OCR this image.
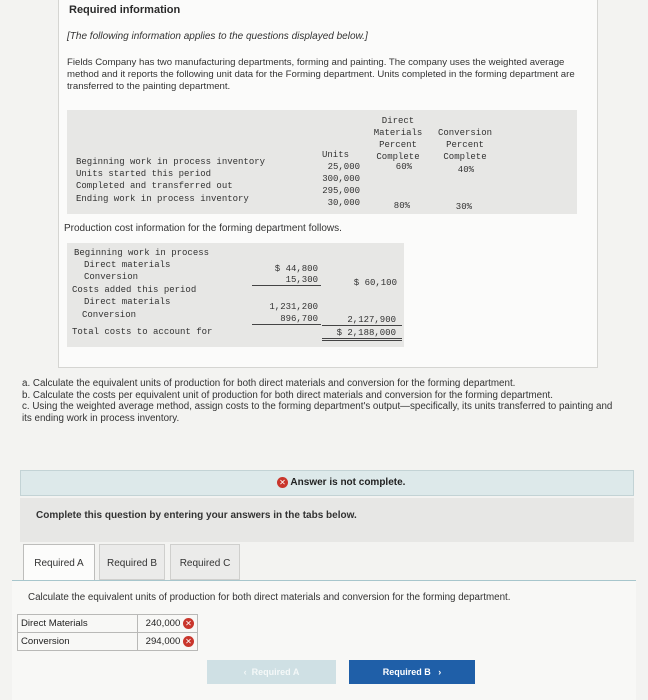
Required information
[The following information applies to the questions displayed below.]
Fields Company has two manufacturing departments, forming and painting. The company uses the weighted average method and it reports the following unit data for the Forming department. Units completed in the forming department are transferred to the painting department.
Direct
Materials
Percent
Complete
Conversion
Percent
Complete
Units
Beginning work in process inventory	25,000	60%	40%
Units started this period	300,000
Completed and transferred out	295,000
Ending work in process inventory	30,000	80%	30%
Production cost information for the forming department follows.
Beginning work in process
Direct materials	$ 44,800
Conversion	15,300	$ 60,100
Costs added this period
Direct materials	1,231,200
Conversion	896,700	2,127,900
Total costs to account for	$ 2,188,000
a. Calculate the equivalent units of production for both direct materials and conversion for the forming department.
b. Calculate the costs per equivalent unit of production for both direct materials and conversion for the forming department.
c. Using the weighted average method, assign costs to the forming department's output—specifically, its units transferred to painting and its ending work in process inventory.
✕ Answer is not complete.
Complete this question by entering your answers in the tabs below.
Required A	Required B	Required C
Calculate the equivalent units of production for both direct materials and conversion for the forming department.
Direct Materials	240,000 ✕
Conversion	294,000 ✕
‹ Required A	Required B ›
